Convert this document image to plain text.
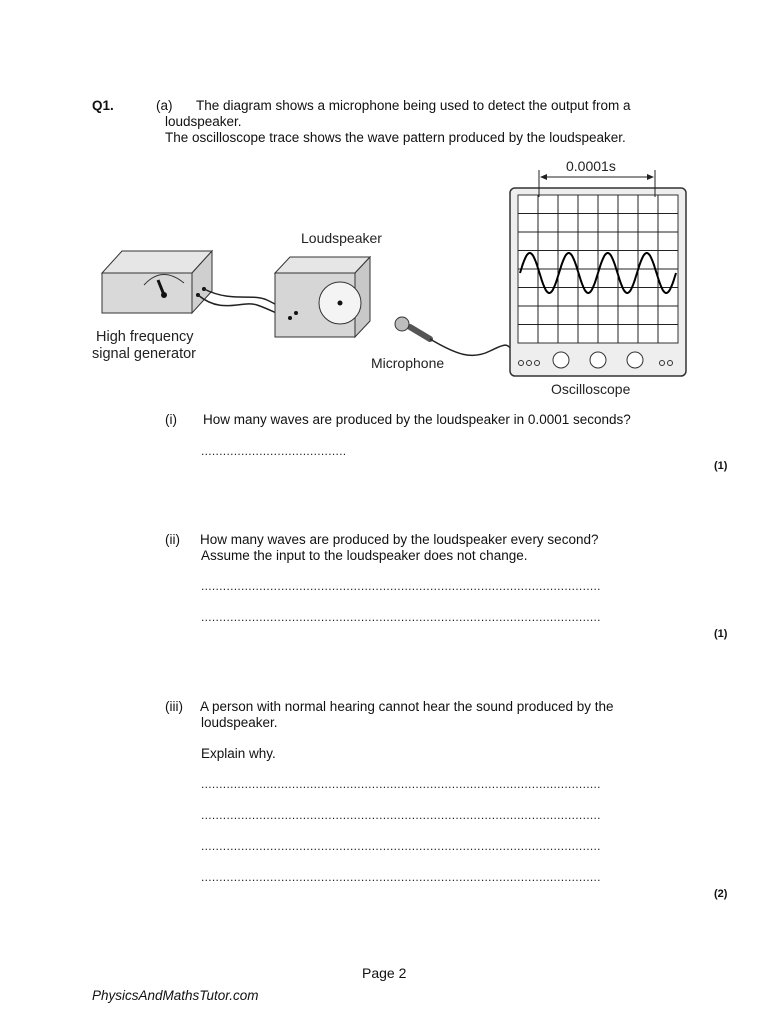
Q1.	(a) The diagram shows a microphone being used to detect the output from a
loudspeaker.
The oscilloscope trace shows the wave pattern produced by the loudspeaker.
0.0001s
Loudspeaker
High frequency
signal generator
Microphone
Oscilloscope
(i) How many waves are produced by the loudspeaker in 0.0001 seconds?
........................................
(1)
(ii) How many waves are produced by the loudspeaker every second?
Assume the input to the loudspeaker does not change.
..............................................................................................................
..............................................................................................................
(1)
(iii) A person with normal hearing cannot hear the sound produced by the
loudspeaker.
Explain why.
..............................................................................................................
..............................................................................................................
..............................................................................................................
..............................................................................................................
(2)
Page 2
PhysicsAndMathsTutor.com
